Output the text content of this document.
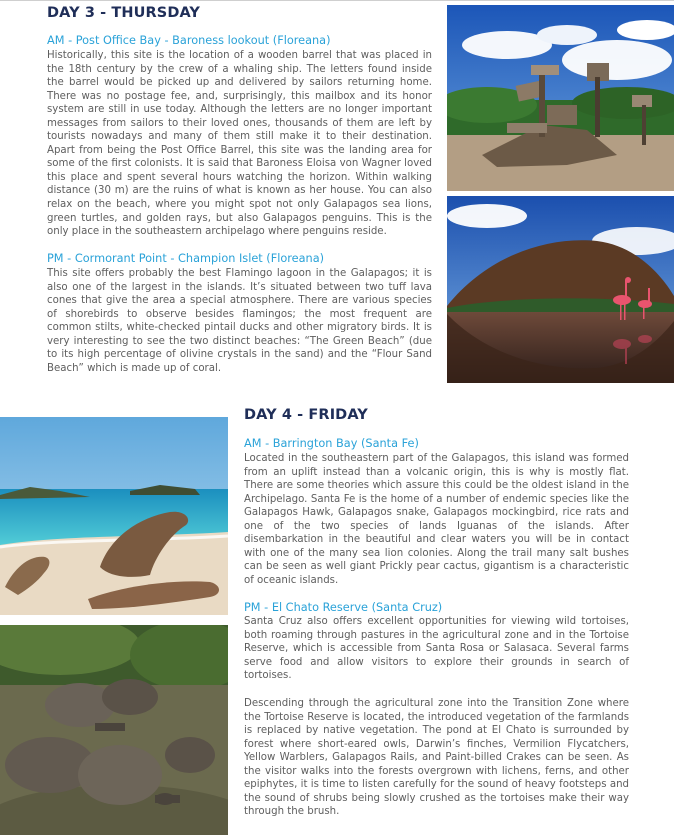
DAY 3 - THURSDAY
AM - Post Office Bay - Baroness lookout (Floreana)

Historically, this site is the location of a wooden barrel that was placed in the 18th century by the crew of a whaling ship. The letters found inside the barrel would be picked up and delivered by sailors returning home. There was no postage fee, and, surprisingly, this mailbox and its honor system are still in use today. Although the letters are no longer important messages from sailors to their loved ones, thousands of them are left by tourists nowadays and many of them still make it to their destination. Apart from being the Post Office Barrel, this site was the landing area for some of the first colonists. It is said that Baroness Eloisa von Wagner loved this place and spent several hours watching the horizon. Within walking distance (30 m) are the ruins of what is known as her house. You can also relax on the beach, where you might spot not only Galapagos sea lions, green turtles, and golden rays, but also Galapagos penguins. This is the only place in the southeastern archipelago where penguins reside.

PM - Cormorant Point - Champion Islet (Floreana)

This site offers probably the best Flamingo lagoon in the Galapagos; it is also one of the largest in the islands. It’s situated between two tuff lava cones that give the area a special atmosphere. There are various species of shorebirds to observe besides flamingos; the most frequent are common stilts, white-checked pintail ducks and other migratory birds. It is very interesting to see the two distinct beaches: “The Green Beach” (due to its high percentage of olivine crystals in the sand) and the “Flour Sand Beach” which is made up of coral.

DAY 4 - FRIDAY
AM - Barrington Bay (Santa Fe)

Located in the southeastern part of the Galapagos, this island was formed from an uplift instead than a volcanic origin, this is why is mostly flat. There are some theories which assure this could be the oldest island in the Archipelago. Santa Fe is the home of a number of endemic species like the Galapagos Hawk, Galapagos snake, Galapagos mockingbird, rice rats and one of the two species of lands Iguanas of the islands. After disembarkation in the beautiful and clear waters you will be in contact with one of the many sea lion colonies. Along the trail many salt bushes can be seen as well giant Prickly pear cactus, gigantism is a characteristic of oceanic islands.

PM - El Chato Reserve (Santa Cruz)

Santa Cruz also offers excellent opportunities for viewing wild tortoises, both roaming through pastures in the agricultural zone and in the Tortoise Reserve, which is accessible from Santa Rosa or Salasaca. Several farms serve food and allow visitors to explore their grounds in search of tortoises.

Descending through the agricultural zone into the Transition Zone where the Tortoise Reserve is located, the introduced vegetation of the farmlands is replaced by native vegetation. The pond at El Chato is surrounded by forest where short-eared owls, Darwin’s finches, Vermilion Flycatchers, Yellow Warblers, Galapagos Rails, and Paint-billed Crakes can be seen. As the visitor walks into the forests overgrown with lichens, ferns, and other epiphytes, it is time to listen carefully for the sound of heavy footsteps and the sound of shrubs being slowly crushed as the tortoises make their way through the brush.
